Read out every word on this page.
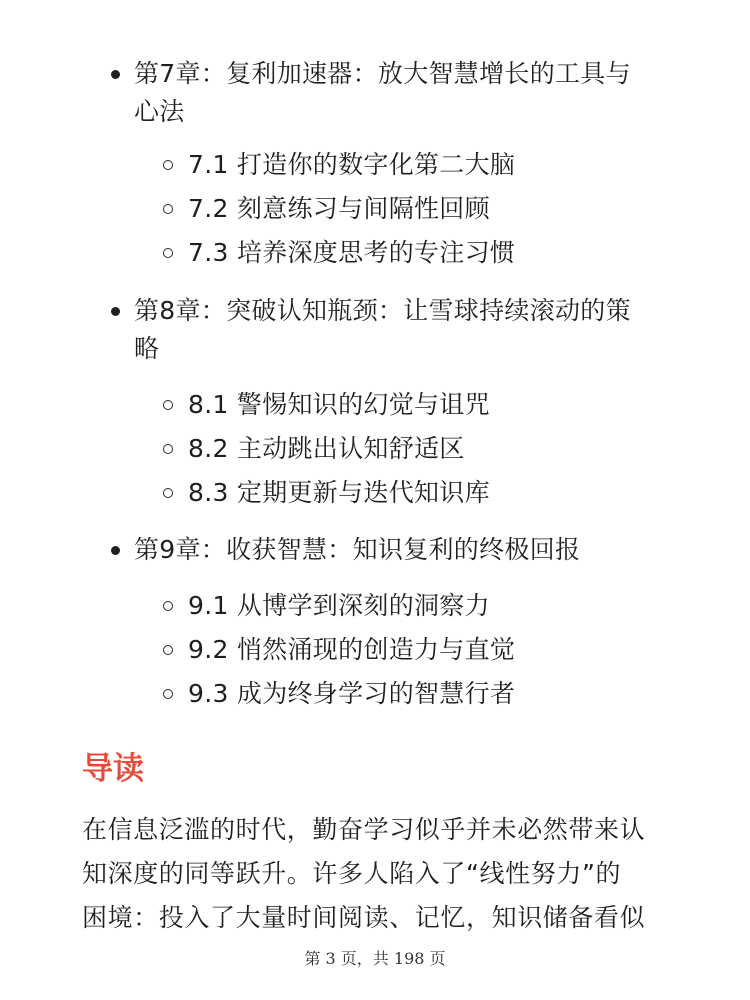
第7章：复利加速器：放大智慧增长的工具与
心法
7.1 打造你的数字化第二大脑
7.2 刻意练习与间隔性回顾
7.3 培养深度思考的专注习惯
第8章：突破认知瓶颈：让雪球持续滚动的策
略
8.1 警惕知识的幻觉与诅咒
8.2 主动跳出认知舒适区
8.3 定期更新与迭代知识库
第9章：收获智慧：知识复利的终极回报
9.1 从博学到深刻的洞察力
9.2 悄然涌现的创造力与直觉
9.3 成为终身学习的智慧行者
导读
在信息泛滥的时代，勤奋学习似乎并未必然带来认
知深度的同等跃升。许多人陷入了“线性努力”的
困境：投入了大量时间阅读、记忆，知识储备看似
第 3 页，共 198 页
